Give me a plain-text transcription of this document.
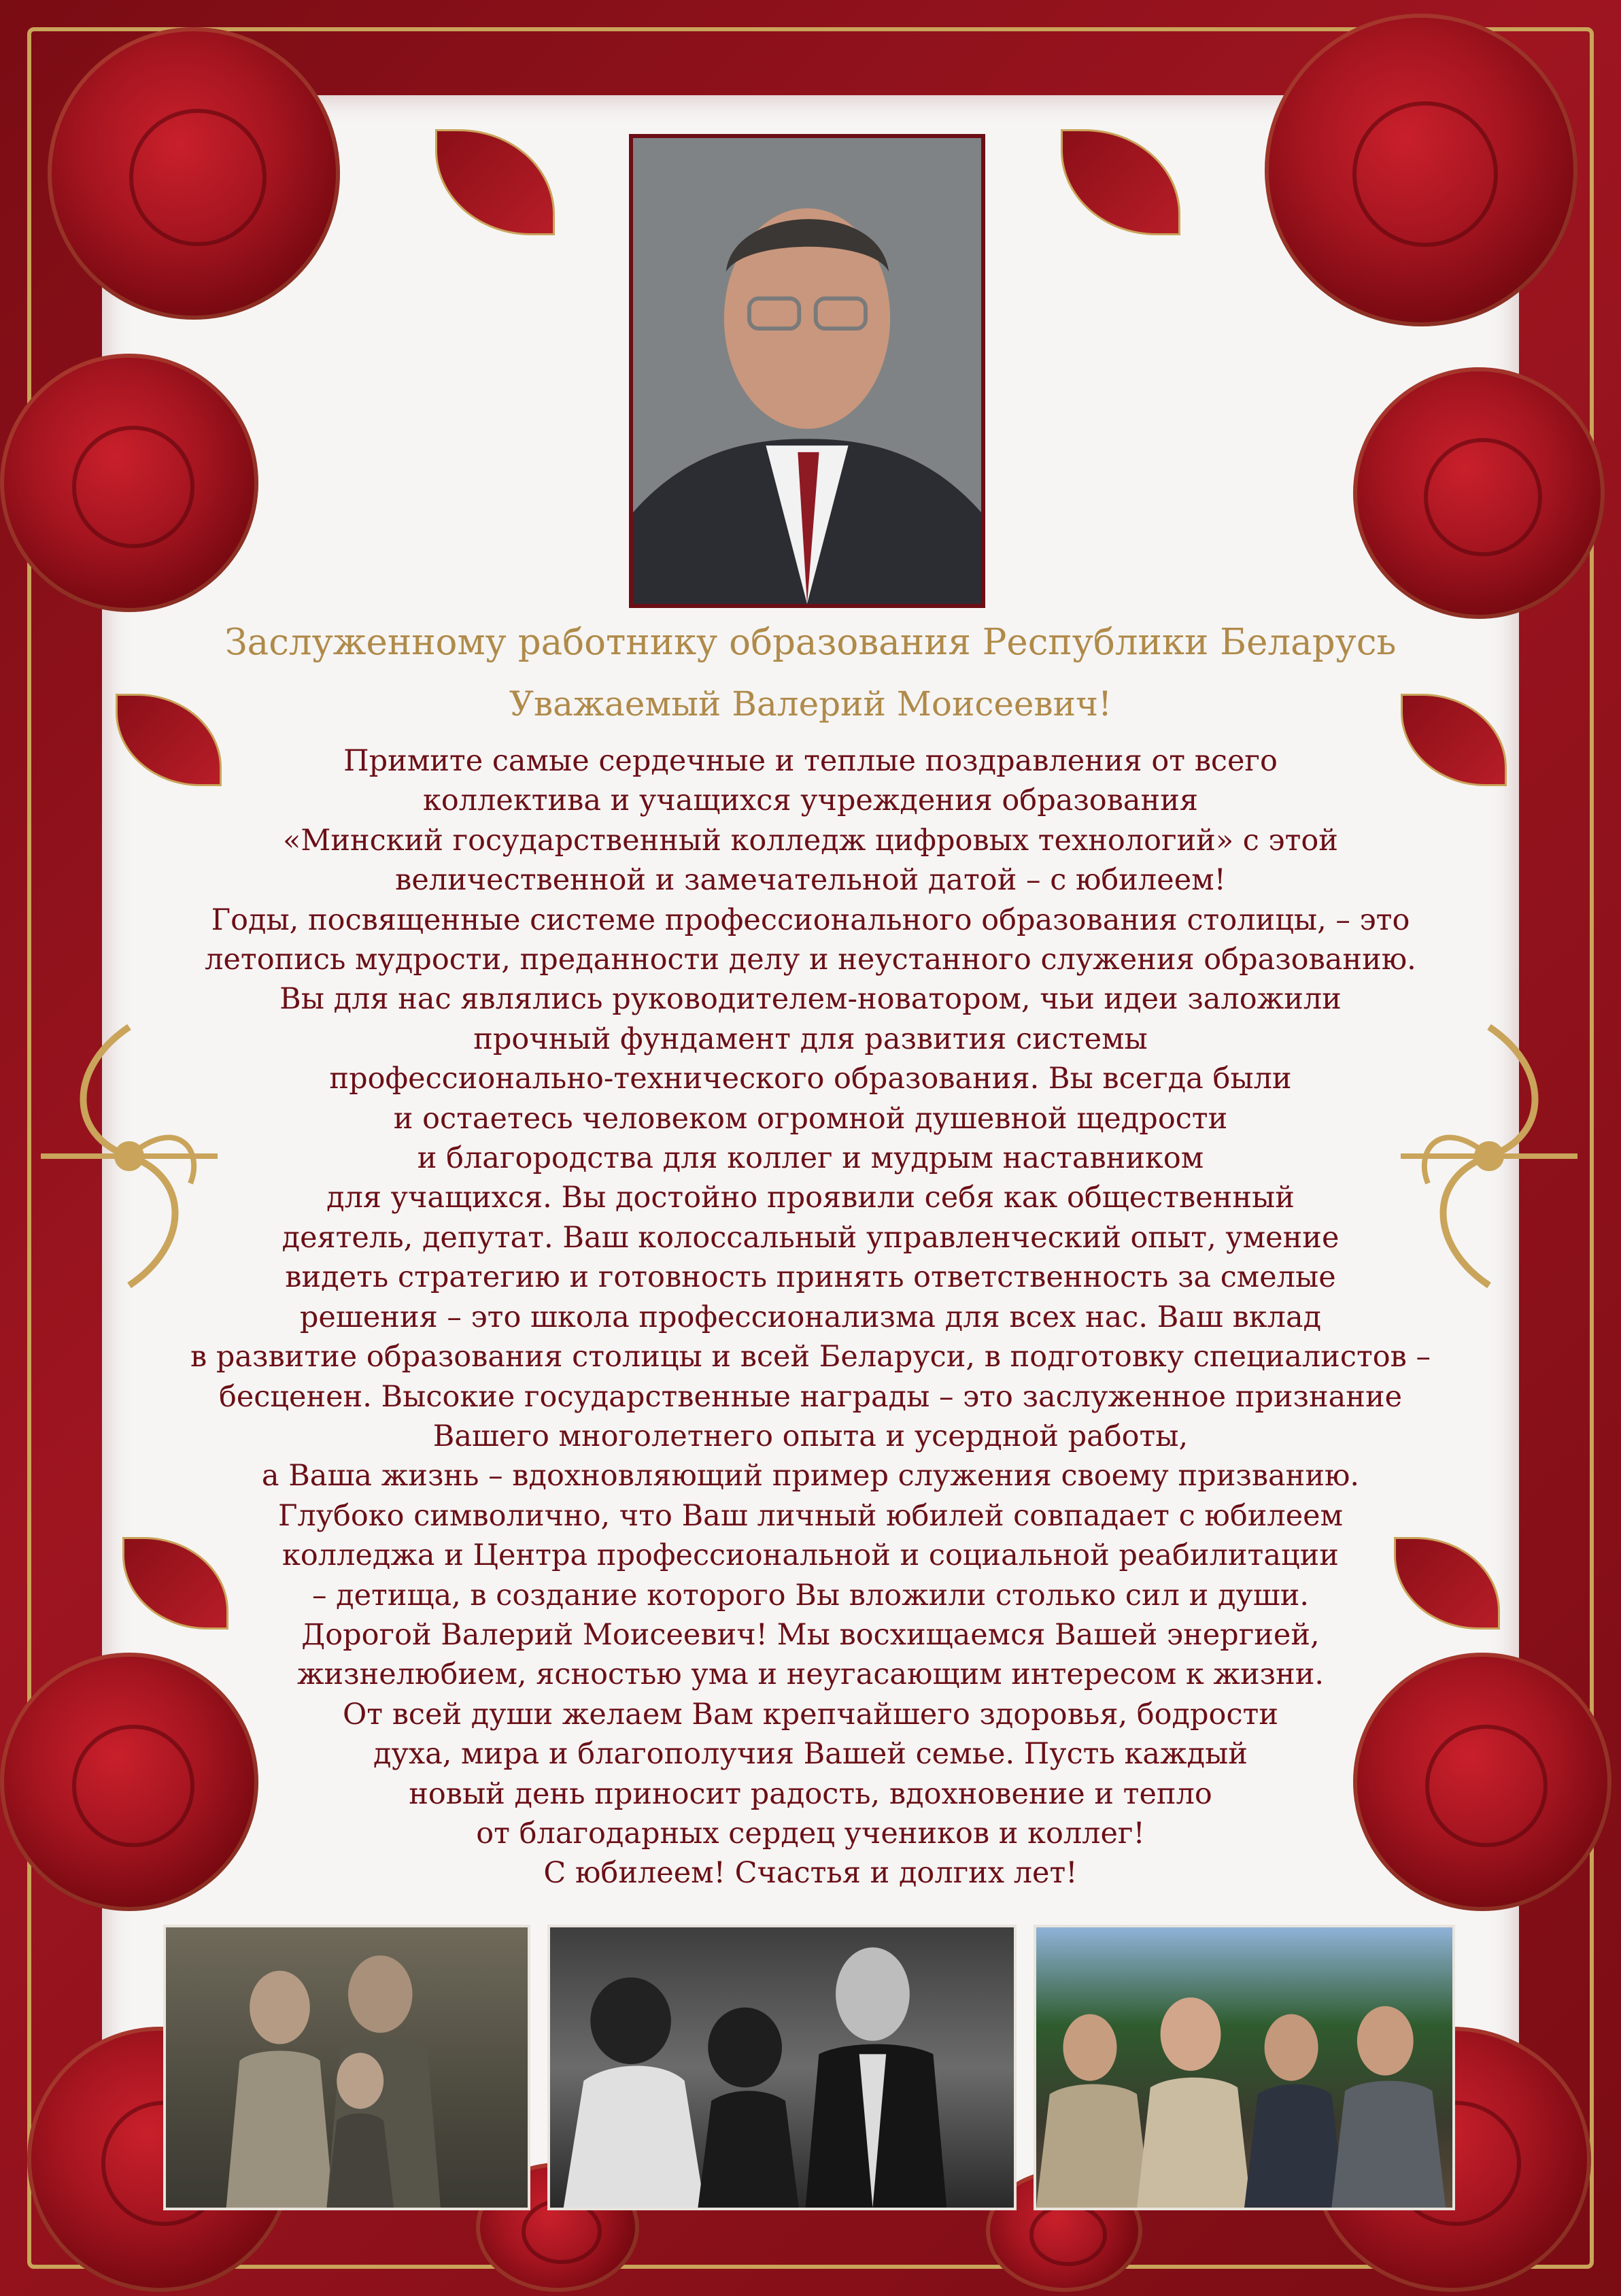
Заслуженному работнику образования Республики Беларусь
Уважаемый Валерий Моисеевич!
Примите самые сердечные и теплые поздравления от всего
коллектива и учащихся учреждения образования
«Минский государственный колледж цифровых технологий» с этой
величественной и замечательной датой – с юбилеем!
Годы, посвященные системе профессионального образования столицы, – это
летопись мудрости, преданности делу и неустанного служения образованию.
Вы для нас являлись руководителем-новатором, чьи идеи заложили
прочный фундамент для развития системы
профессионально-технического образования. Вы всегда были
и остаетесь человеком огромной душевной щедрости
и благородства для коллег и мудрым наставником
для учащихся. Вы достойно проявили себя как общественный
деятель, депутат. Ваш колоссальный управленческий опыт, умение
видеть стратегию и готовность принять ответственность за смелые
решения – это школа профессионализма для всех нас. Ваш вклад
в развитие образования столицы и всей Беларуси, в подготовку специалистов –
бесценен. Высокие государственные награды – это заслуженное признание
Вашего многолетнего опыта и усердной работы,
а Ваша жизнь – вдохновляющий пример служения своему призванию.
Глубоко символично, что Ваш личный юбилей совпадает с юбилеем
колледжа и Центра профессиональной и социальной реабилитации
– детища, в создание которого Вы вложили столько сил и души.
Дорогой Валерий Моисеевич! Мы восхищаемся Вашей энергией,
жизнелюбием, ясностью ума и неугасающим интересом к жизни.
От всей души желаем Вам крепчайшего здоровья, бодрости
духа, мира и благополучия Вашей семье. Пусть каждый
новый день приносит радость, вдохновение и тепло
от благодарных сердец учеников и коллег!
С юбилеем! Счастья и долгих лет!
